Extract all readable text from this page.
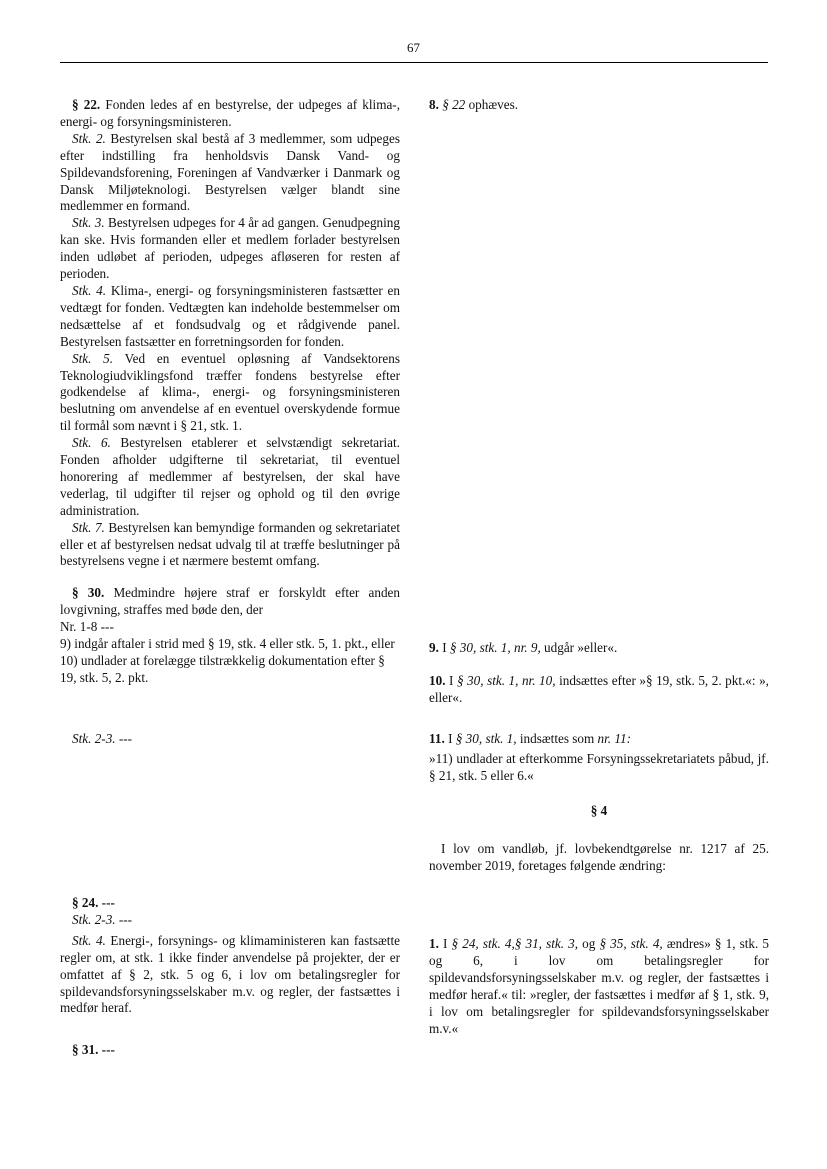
67

§ 22. Fonden ledes af en bestyrelse, der udpeges af klima-, energi- og forsyningsministeren.

Stk. 2. Bestyrelsen skal bestå af 3 medlemmer, som udpeges efter indstilling fra henholdsvis Dansk Vand- og Spildevandsforening, Foreningen af Vandværker i Danmark og Dansk Miljøteknologi. Bestyrelsen vælger blandt sine medlemmer en formand.

Stk. 3. Bestyrelsen udpeges for 4 år ad gangen. Genudpegning kan ske. Hvis formanden eller et medlem forlader bestyrelsen inden udløbet af perioden, udpeges afløseren for resten af perioden.

Stk. 4. Klima-, energi- og forsyningsministeren fastsætter en vedtægt for fonden. Vedtægten kan indeholde bestemmelser om nedsættelse af et fondsudvalg og et rådgivende panel. Bestyrelsen fastsætter en forretningsorden for fonden.

Stk. 5. Ved en eventuel opløsning af Vandsektorens Teknologiudviklingsfond træffer fondens bestyrelse efter godkendelse af klima-, energi- og forsyningsministeren beslutning om anvendelse af en eventuel overskydende formue til formål som nævnt i § 21, stk. 1.

Stk. 6. Bestyrelsen etablerer et selvstændigt sekretariat. Fonden afholder udgifterne til sekretariat, til eventuel honorering af medlemmer af bestyrelsen, der skal have vederlag, til udgifter til rejser og ophold og til den øvrige administration.

Stk. 7. Bestyrelsen kan bemyndige formanden og sekretariatet eller et af bestyrelsen nedsat udvalg til at træffe beslutninger på bestyrelsens vegne i et nærmere bestemt omfang.

§ 30. Medmindre højere straf er forskyldt efter anden lovgivning, straffes med bøde den, der

Nr. 1-8 ---

9) indgår aftaler i strid med § 19, stk. 4 eller stk. 5, 1. pkt., eller

10) undlader at forelægge tilstrækkelig dokumentation efter § 19, stk. 5, 2. pkt.

Stk. 2-3. ---

§ 24. ---

Stk. 2-3. ---

Stk. 4. Energi-, forsynings- og klimaministeren kan fastsætte regler om, at stk. 1 ikke finder anvendelse på projekter, der er omfattet af § 2, stk. 5 og 6, i lov om betalingsregler for spildevandsforsyningsselskaber m.v. og regler, der fastsættes i medfør heraf.

§ 31. ---

8. § 22 ophæves.

9. I § 30, stk. 1, nr. 9, udgår »eller«.

10. I § 30, stk. 1, nr. 10, indsættes efter »§ 19, stk. 5, 2. pkt.«: », eller«.

11. I § 30, stk. 1, indsættes som nr. 11:

»11) undlader at efterkomme Forsyningssekretariatets påbud, jf. § 21, stk. 5 eller 6.«

§ 4

I lov om vandløb, jf. lovbekendtgørelse nr. 1217 af 25. november 2019, foretages følgende ændring:

1. I § 24, stk. 4,§ 31, stk. 3, og § 35, stk. 4, ændres» § 1, stk. 5 og 6, i lov om betalingsregler for spildevandsforsyningsselskaber m.v. og regler, der fastsættes i medfør heraf.« til: »regler, der fastsættes i medfør af § 1, stk. 9, i lov om betalingsregler for spildevandsforsyningsselskaber m.v.«
